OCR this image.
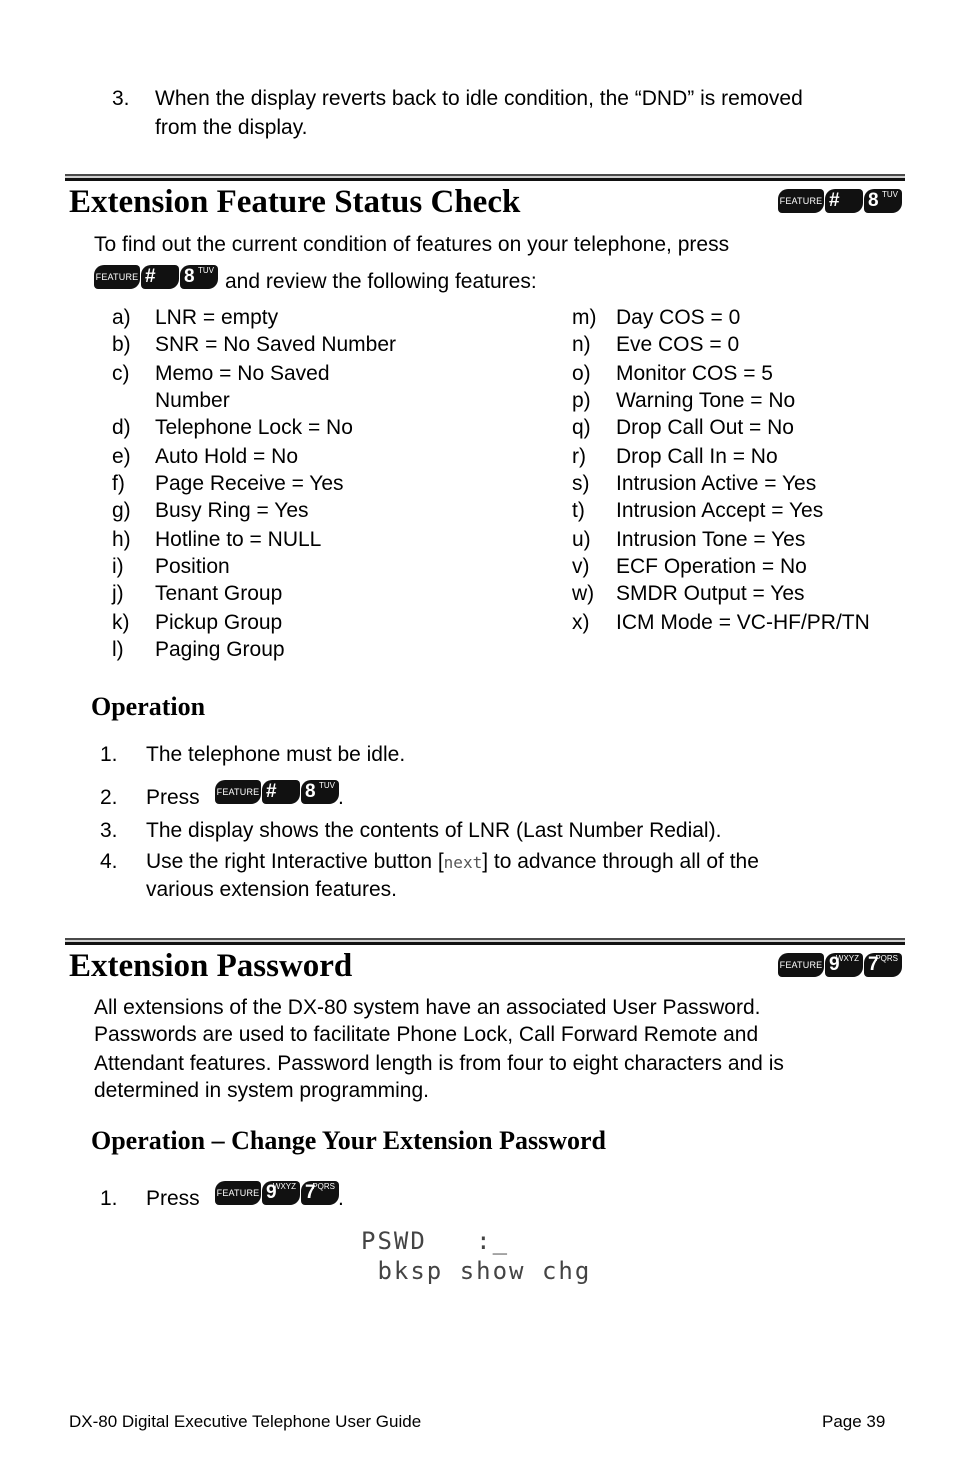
3. When the display reverts back to idle condition, the “DND” is removed
from the display.
Extension Feature Status Check	FEATURE # 8 TUV
To find out the current condition of features on your telephone, press
FEATURE # 8 TUV and review the following features:
a) LNR = empty
b) SNR = No Saved Number
c) Memo = No Saved
Number
d) Telephone Lock = No
e) Auto Hold = No
f) Page Receive = Yes
g) Busy Ring = Yes
h) Hotline to = NULL
i) Position
j) Tenant Group
k) Pickup Group
l) Paging Group
m) Day COS = 0
n) Eve COS = 0
o) Monitor COS = 5
p) Warning Tone = No
q) Drop Call Out = No
r) Drop Call In = No
s) Intrusion Active = Yes
t) Intrusion Accept = Yes
u) Intrusion Tone = Yes
v) ECF Operation = No
w) SMDR Output = Yes
x) ICM Mode = VC-HF/PR/TN
Operation
1. The telephone must be idle.
2. Press FEATURE # 8 TUV
.
3. The display shows the contents of LNR (Last Number Redial).
4. Use the right Interactive button [next] to advance through all of the
various extension features.
Extension Password	FEATURE 9
WXYZ 7
PQRS
All extensions of the DX-80 system have an associated User Password.
Passwords are used to facilitate Phone Lock, Call Forward Remote and
Attendant features. Password length is from four to eight characters and is
determined in system programming.
Operation – Change Your Extension Password
1. Press FEATURE 9
WXYZ 7
PQRS
.
PSWD   :_
bksp show chg
DX-80 Digital Executive Telephone User Guide	Page 39
